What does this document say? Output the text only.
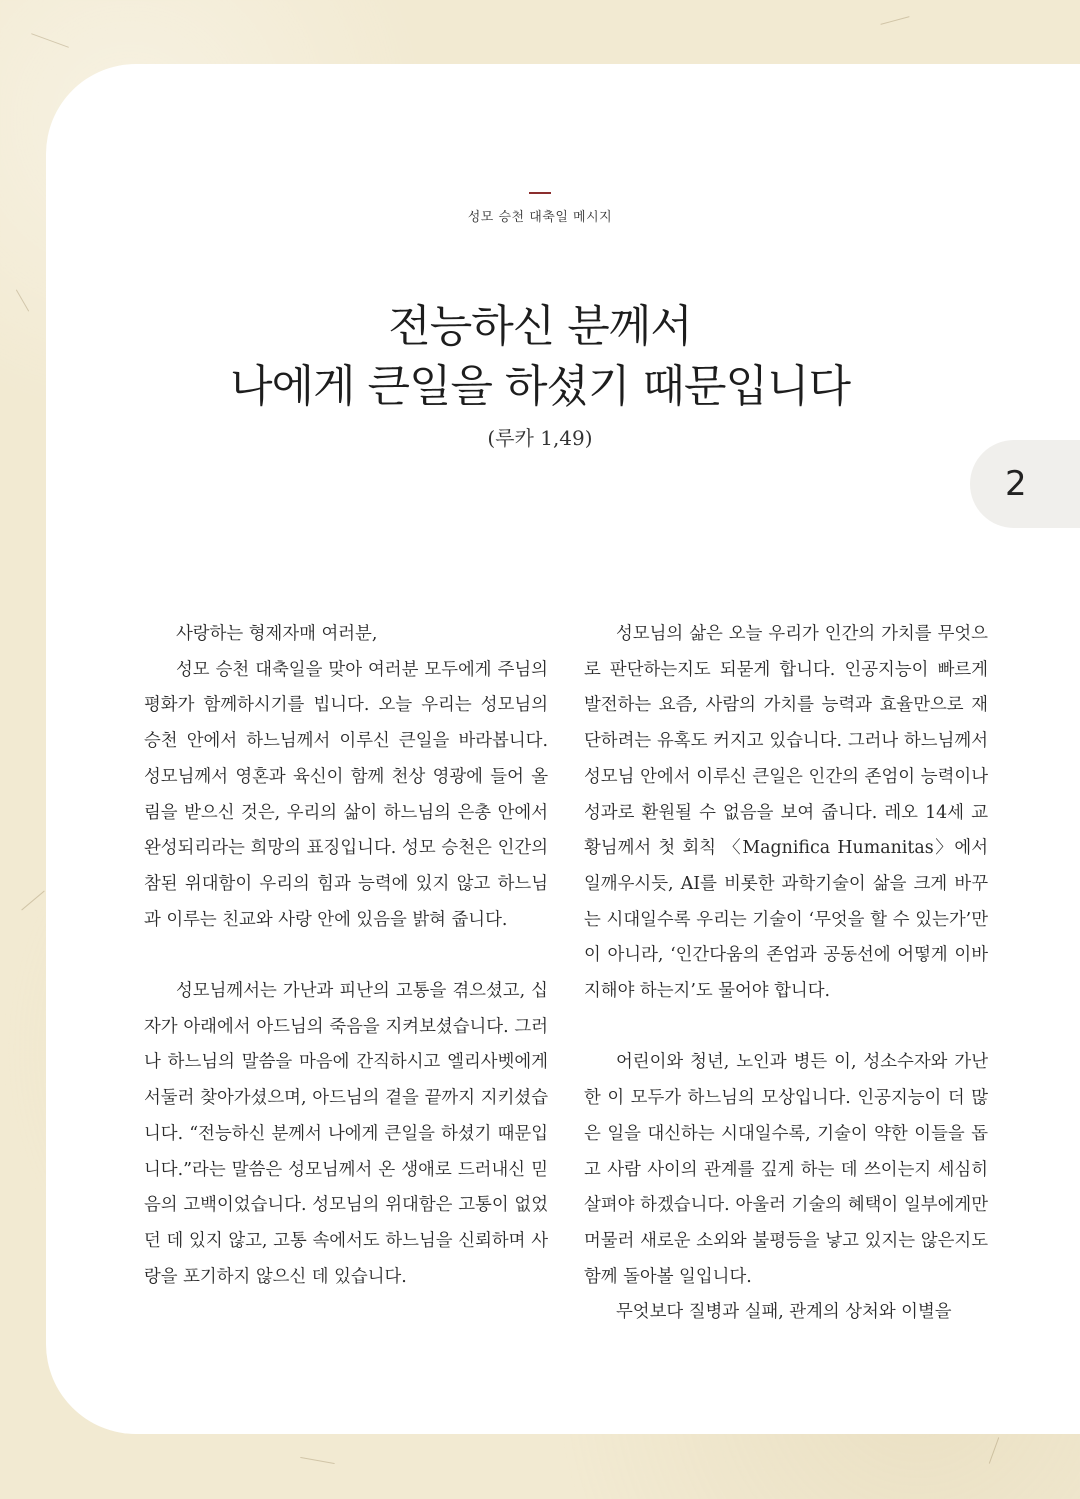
성모 승천 대축일 메시지
전능하신 분께서
나에게 큰일을 하셨기 때문입니다
(루카 1,49)
2

사랑하는 형제자매 여러분,

성모 승천 대축일을 맞아 여러분 모두에게 주님의 평화가 함께하시기를 빕니다. 오늘 우리는 성모님의 승천 안에서 하느님께서 이루신 큰일을 바라봅니다. 성모님께서 영혼과 육신이 함께 천상 영광에 들어 올림을 받으신 것은, 우리의 삶이 하느님의 은총 안에서 완성되리라는 희망의 표징입니다. 성모 승천은 인간의 참된 위대함이 우리의 힘과 능력에 있지 않고 하느님과 이루는 친교와 사랑 안에 있음을 밝혀 줍니다.

성모님께서는 가난과 피난의 고통을 겪으셨고, 십자가 아래에서 아드님의 죽음을 지켜보셨습니다. 그러나 하느님의 말씀을 마음에 간직하시고 엘리사벳에게 서둘러 찾아가셨으며, 아드님의 곁을 끝까지 지키셨습니다. “전능하신 분께서 나에게 큰일을 하셨기 때문입니다.”라는 말씀은 성모님께서 온 생애로 드러내신 믿음의 고백이었습니다. 성모님의 위대함은 고통이 없었던 데 있지 않고, 고통 속에서도 하느님을 신뢰하며 사랑을 포기하지 않으신 데 있습니다.

성모님의 삶은 오늘 우리가 인간의 가치를 무엇으로 판단하는지도 되묻게 합니다. 인공지능이 빠르게 발전하는 요즘, 사람의 가치를 능력과 효율만으로 재단하려는 유혹도 커지고 있습니다. 그러나 하느님께서 성모님 안에서 이루신 큰일은 인간의 존엄이 능력이나 성과로 환원될 수 없음을 보여 줍니다. 레오 14세 교황님께서 첫 회칙 〈Magnifica Humanitas〉에서 일깨우시듯, AI를 비롯한 과학기술이 삶을 크게 바꾸는 시대일수록 우리는 기술이 ‘무엇을 할 수 있는가’만이 아니라, ‘인간다움의 존엄과 공동선에 어떻게 이바지해야 하는지’도 물어야 합니다.

어린이와 청년, 노인과 병든 이, 성소수자와 가난한 이 모두가 하느님의 모상입니다. 인공지능이 더 많은 일을 대신하는 시대일수록, 기술이 약한 이들을 돕고 사람 사이의 관계를 깊게 하는 데 쓰이는지 세심히 살펴야 하겠습니다. 아울러 기술의 혜택이 일부에게만 머물러 새로운 소외와 불평등을 낳고 있지는 않은지도 함께 돌아볼 일입니다.

무엇보다 질병과 실패, 관계의 상처와 이별을
